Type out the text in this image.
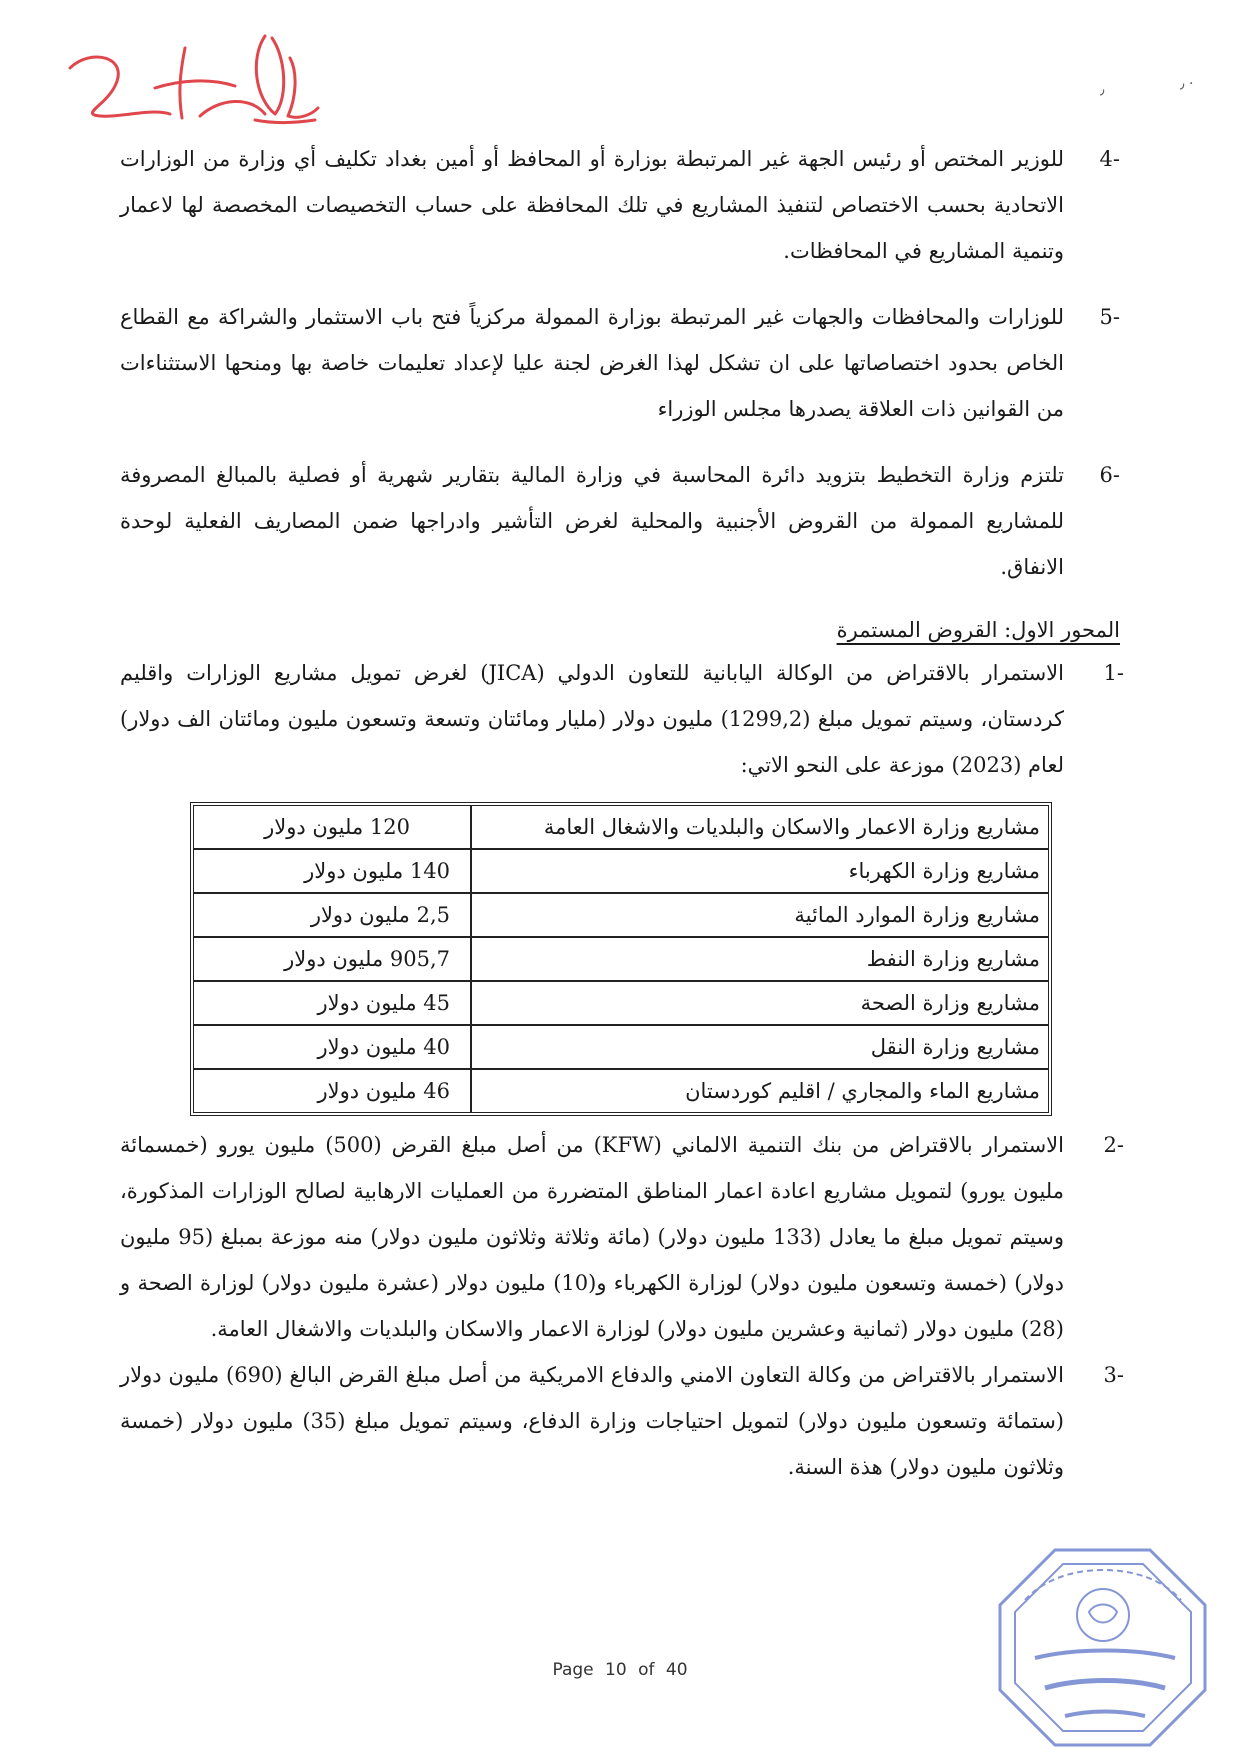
٫	٫ ·
-4
للوزير المختص أو رئيس الجهة غير المرتبطة بوزارة أو المحافظ أو أمين بغداد تكليف أي وزارة من الوزارات الاتحادية بحسب الاختصاص لتنفيذ المشاريع في تلك المحافظة على حساب التخصيصات المخصصة لها لاعمار وتنمية المشاريع في المحافظات.
-5
للوزارات والمحافظات والجهات غير المرتبطة بوزارة الممولة مركزياً فتح باب الاستثمار والشراكة مع القطاع الخاص بحدود اختصاصاتها على ان تشكل لهذا الغرض لجنة عليا لإعداد تعليمات خاصة بها ومنحها الاستثناءات من القوانين ذات العلاقة يصدرها مجلس الوزراء
-6
تلتزم وزارة التخطيط بتزويد دائرة المحاسبة في وزارة المالية بتقارير شهرية أو فصلية بالمبالغ المصروفة للمشاريع الممولة من القروض الأجنبية والمحلية لغرض التأشير وادراجها ضمن المصاريف الفعلية لوحدة الانفاق.
المحور الاول: القروض المستمرة
-1
الاستمرار بالاقتراض من الوكالة اليابانية للتعاون الدولي (JICA) لغرض تمويل مشاريع الوزارات واقليم كردستان، وسيتم تمويل مبلغ (1299,2) مليون دولار (مليار ومائتان وتسعة وتسعون مليون ومائتان الف دولار) لعام (2023) موزعة على النحو الاتي:
مشاريع وزارة الاعمار والاسكان والبلديات والاشغال العامة	120 مليون دولار
مشاريع وزارة الكهرباء	140 مليون دولار
مشاريع وزارة الموارد المائية	2,5 مليون دولار
مشاريع وزارة النفط	905,7 مليون دولار
مشاريع وزارة الصحة	45 مليون دولار
مشاريع وزارة النقل	40 مليون دولار
مشاريع الماء والمجاري / اقليم كوردستان	46 مليون دولار
-2
الاستمرار بالاقتراض من بنك التنمية الالماني (KFW) من أصل مبلغ القرض (500) مليون يورو (خمسمائة مليون يورو) لتمويل مشاريع اعادة اعمار المناطق المتضررة من العمليات الارهابية لصالح الوزارات المذكورة، وسيتم تمويل مبلغ ما يعادل (133 مليون دولار) (مائة وثلاثة وثلاثون مليون دولار) منه موزعة بمبلغ (95 مليون دولار) (خمسة وتسعون مليون دولار) لوزارة الكهرباء و(10) مليون دولار (عشرة مليون دولار) لوزارة الصحة و (28) مليون دولار (ثمانية وعشرين مليون دولار) لوزارة الاعمار والاسكان والبلديات والاشغال العامة.
-3
الاستمرار بالاقتراض من وكالة التعاون الامني والدفاع الامريكية من أصل مبلغ القرض البالغ (690) مليون دولار (ستمائة وتسعون مليون دولار) لتمويل احتياجات وزارة الدفاع، وسيتم تمويل مبلغ (35) مليون دولار (خمسة وثلاثون مليون دولار) هذة السنة.
Page 10 of 40
